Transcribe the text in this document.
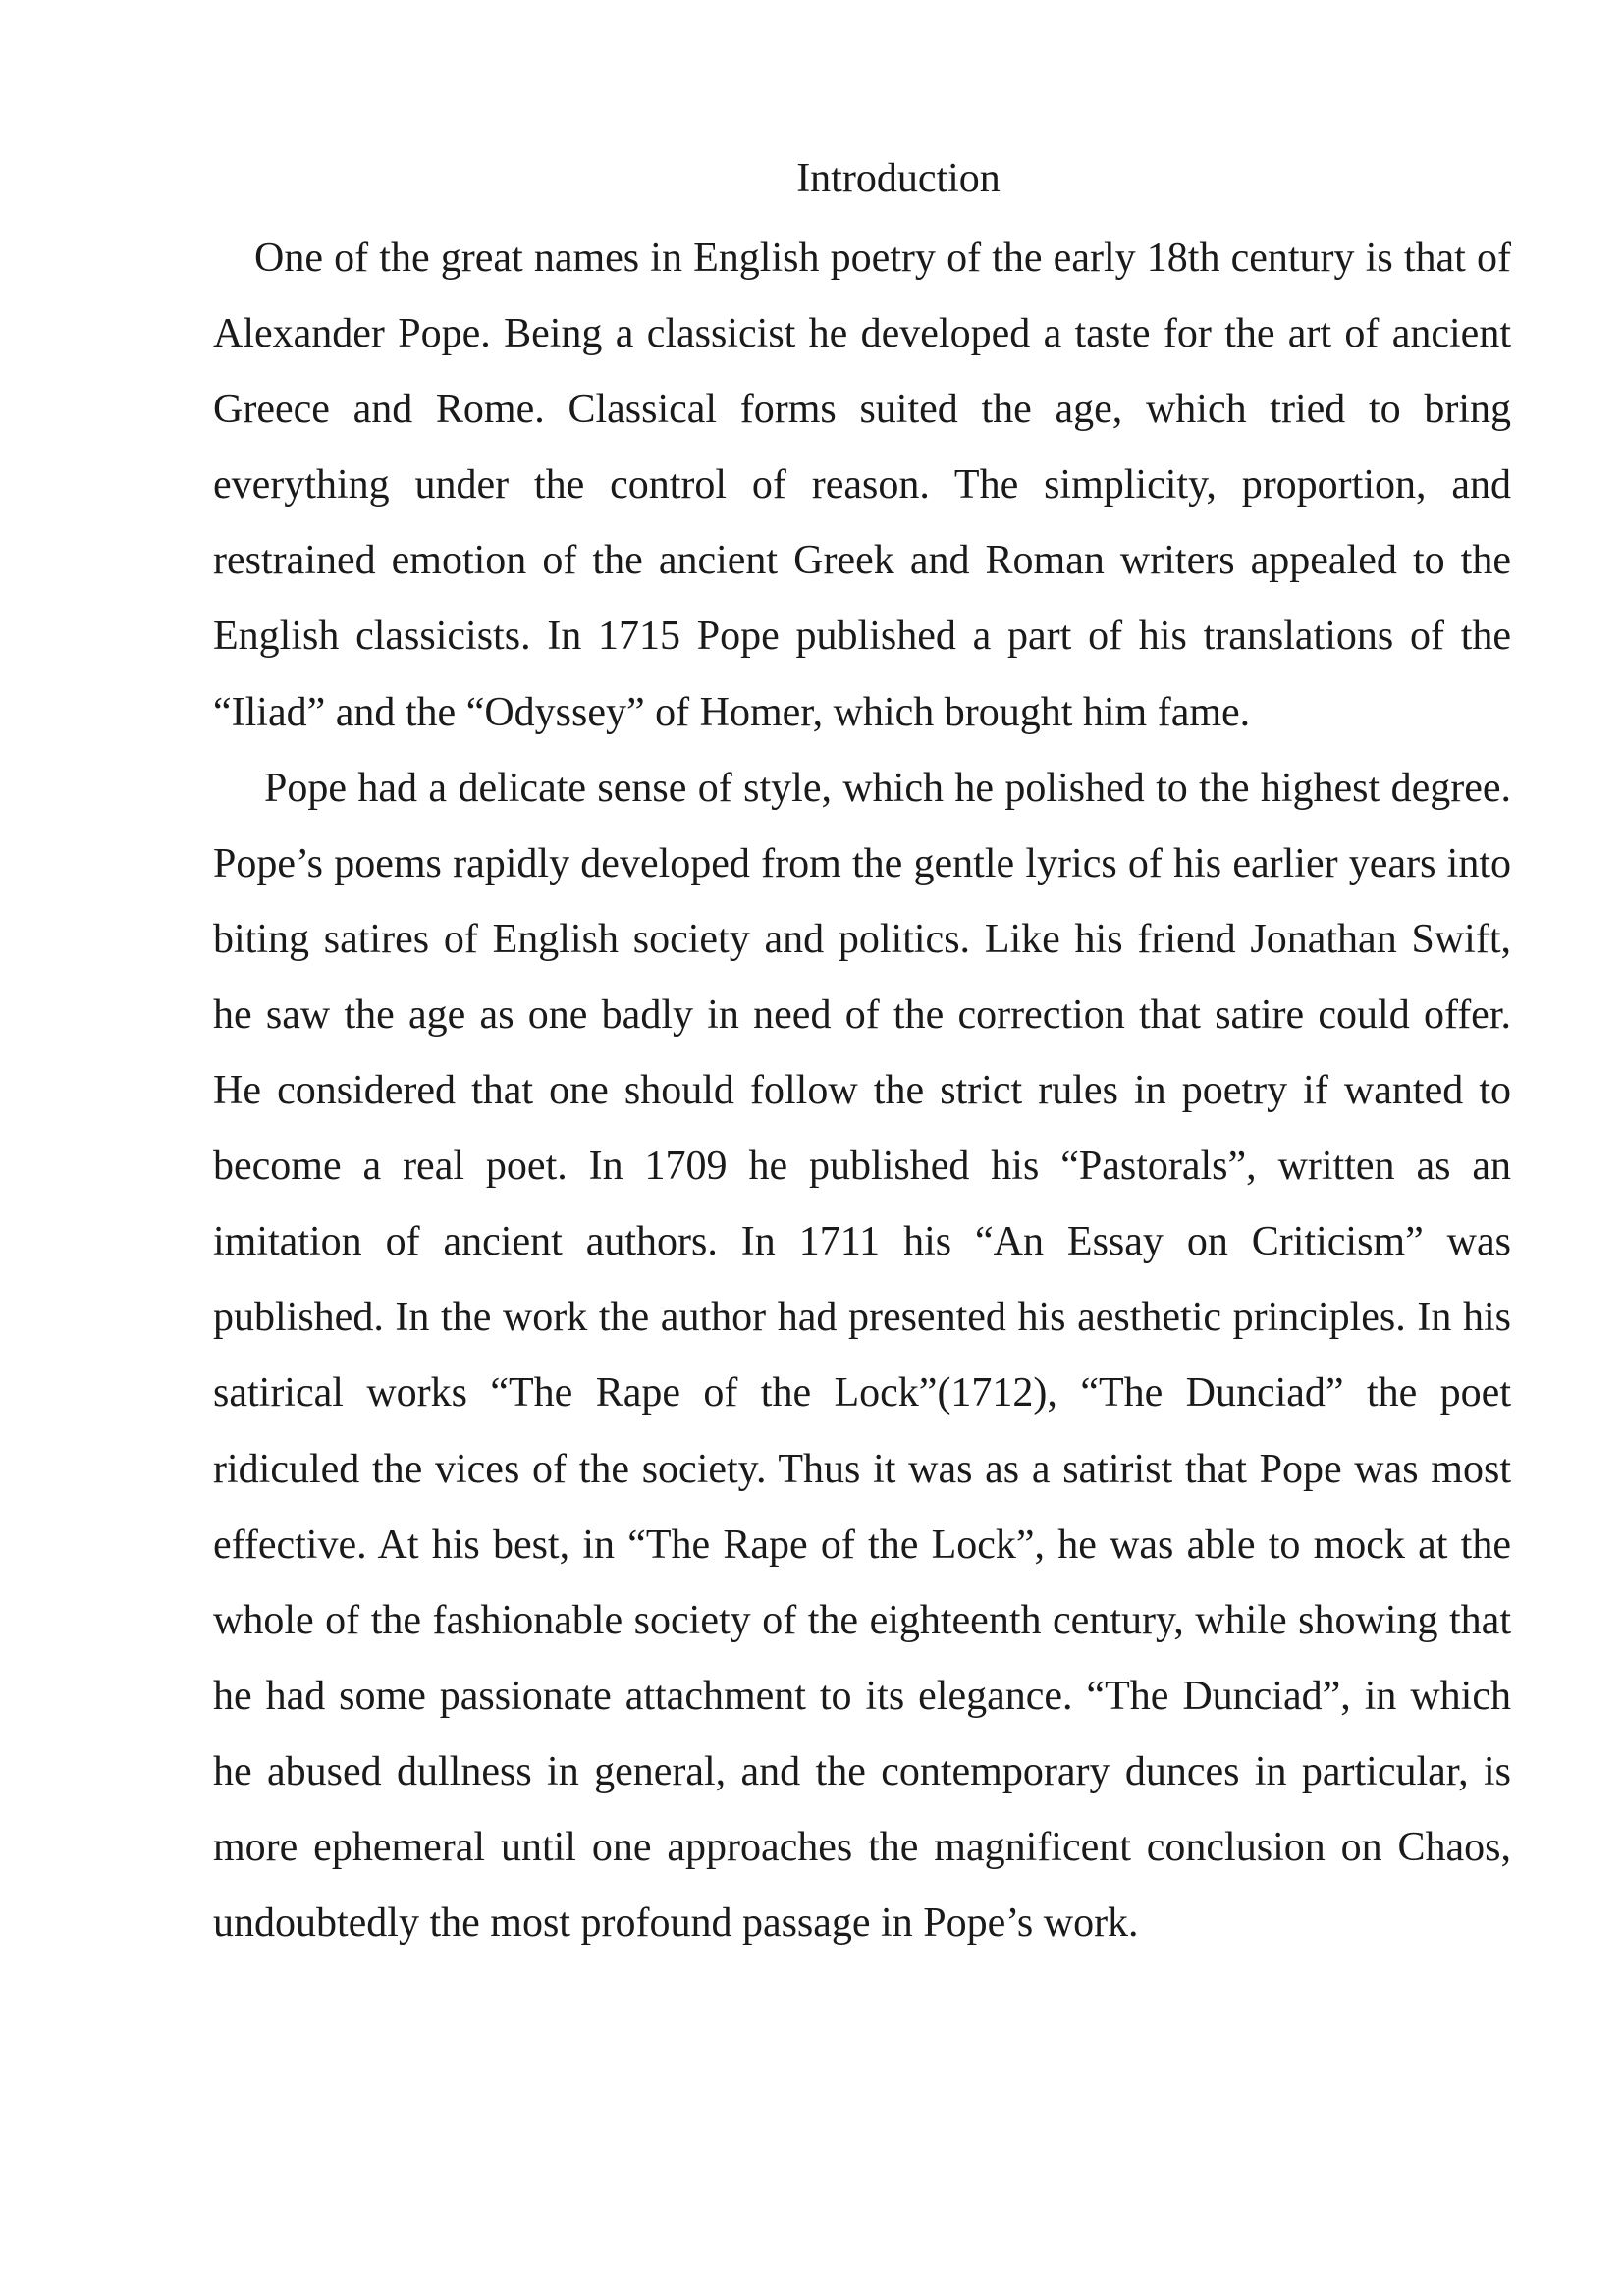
Introduction

One of the great names in English poetry of the early 18th century is that of Alexander Pope. Being a classicist he developed a taste for the art of ancient Greece and Rome. Classical forms suited the age, which tried to bring everything under the control of reason. The simplicity, proportion, and restrained emotion of the ancient Greek and Roman writers appealed to the English classicists. In 1715 Pope published a part of his translations of the “Iliad” and the “Odyssey” of Homer, which brought him fame.

Pope had a delicate sense of style, which he polished to the highest degree. Pope’s poems rapidly developed from the gentle lyrics of his earlier years into biting satires of English society and politics. Like his friend Jonathan Swift, he saw the age as one badly in need of the correction that satire could offer. He considered that one should follow the strict rules in poetry if wanted to become a real poet. In 1709 he published his “Pastorals”, written as an imitation of ancient authors. In 1711 his “An Essay on Criticism” was published. In the work the author had presented his aesthetic principles. In his satirical works “The Rape of the Lock”(1712), “The Dunciad” the poet ridiculed the vices of the society. Thus it was as a satirist that Pope was most effective. At his best, in “The Rape of the Lock”, he was able to mock at the whole of the fashionable society of the eighteenth century, while showing that he had some passionate attachment to its elegance. “The Dunciad”, in which he abused dullness in general, and the contemporary dunces in particular, is more ephemeral until one approaches the magnificent conclusion on Chaos, undoubtedly the most profound passage in Pope’s work.
